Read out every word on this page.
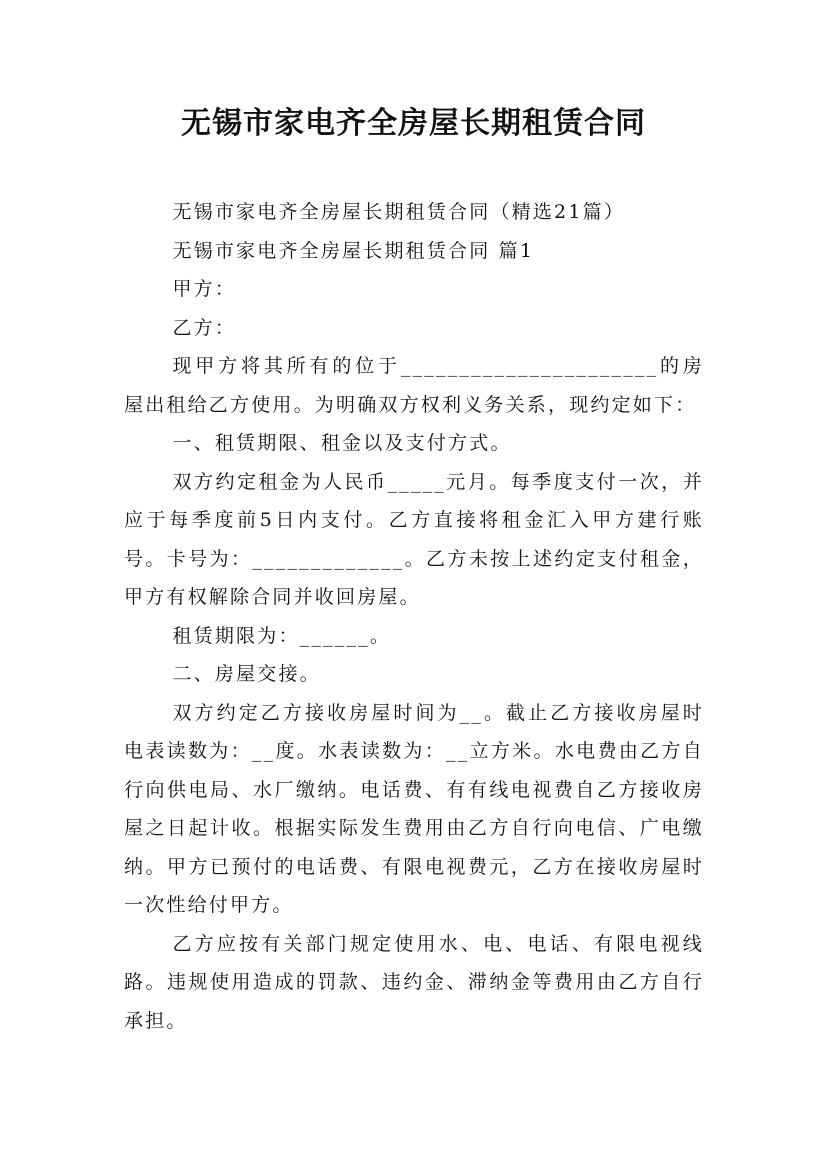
无锡市家电齐全房屋长期租赁合同

无锡市家电齐全房屋长期租赁合同（精选21篇）

无锡市家电齐全房屋长期租赁合同 篇1

甲方：

乙方：

现甲方将其所有的位于______________________的房屋出租给乙方使用。为明确双方权利义务关系，现约定如下：

一、租赁期限、租金以及支付方式。

双方约定租金为人民币_____元月。每季度支付一次，并应于每季度前5日内支付。乙方直接将租金汇入甲方建行账号。卡号为：_____________。乙方未按上述约定支付租金，甲方有权解除合同并收回房屋。

租赁期限为：______。

二、房屋交接。

双方约定乙方接收房屋时间为__。截止乙方接收房屋时电表读数为：__度。水表读数为：__立方米。水电费由乙方自行向供电局、水厂缴纳。电话费、有有线电视费自乙方接收房屋之日起计收。根据实际发生费用由乙方自行向电信、广电缴纳。甲方已预付的电话费、有限电视费元，乙方在接收房屋时一次性给付甲方。

乙方应按有关部门规定使用水、电、电话、有限电视线路。违规使用造成的罚款、违约金、滞纳金等费用由乙方自行承担。
